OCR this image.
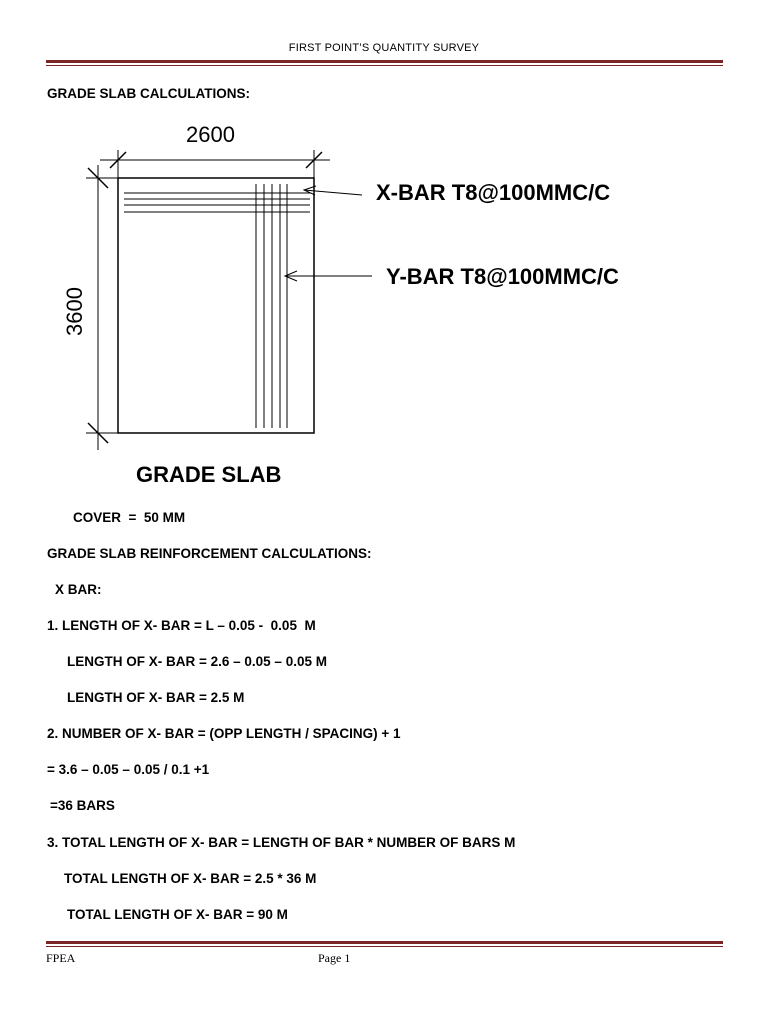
FIRST POINT’S QUANTITY SURVEY
GRADE SLAB CALCULATIONS:
2600
3600
X-BAR T8@100MMC/C
Y-BAR T8@100MMC/C
GRADE SLAB
COVER  =  50 MM
GRADE SLAB REINFORCEMENT CALCULATIONS:
X BAR:
1. LENGTH OF X- BAR = L – 0.05 -  0.05  M
LENGTH OF X- BAR = 2.6 – 0.05 – 0.05 M
LENGTH OF X- BAR = 2.5 M
2. NUMBER OF X- BAR = (OPP LENGTH / SPACING) + 1
= 3.6 – 0.05 – 0.05 / 0.1 +1
=36 BARS
3. TOTAL LENGTH OF X- BAR = LENGTH OF BAR * NUMBER OF BARS M
TOTAL LENGTH OF X- BAR = 2.5 * 36 M
TOTAL LENGTH OF X- BAR = 90 M
FPEA	Page 1
